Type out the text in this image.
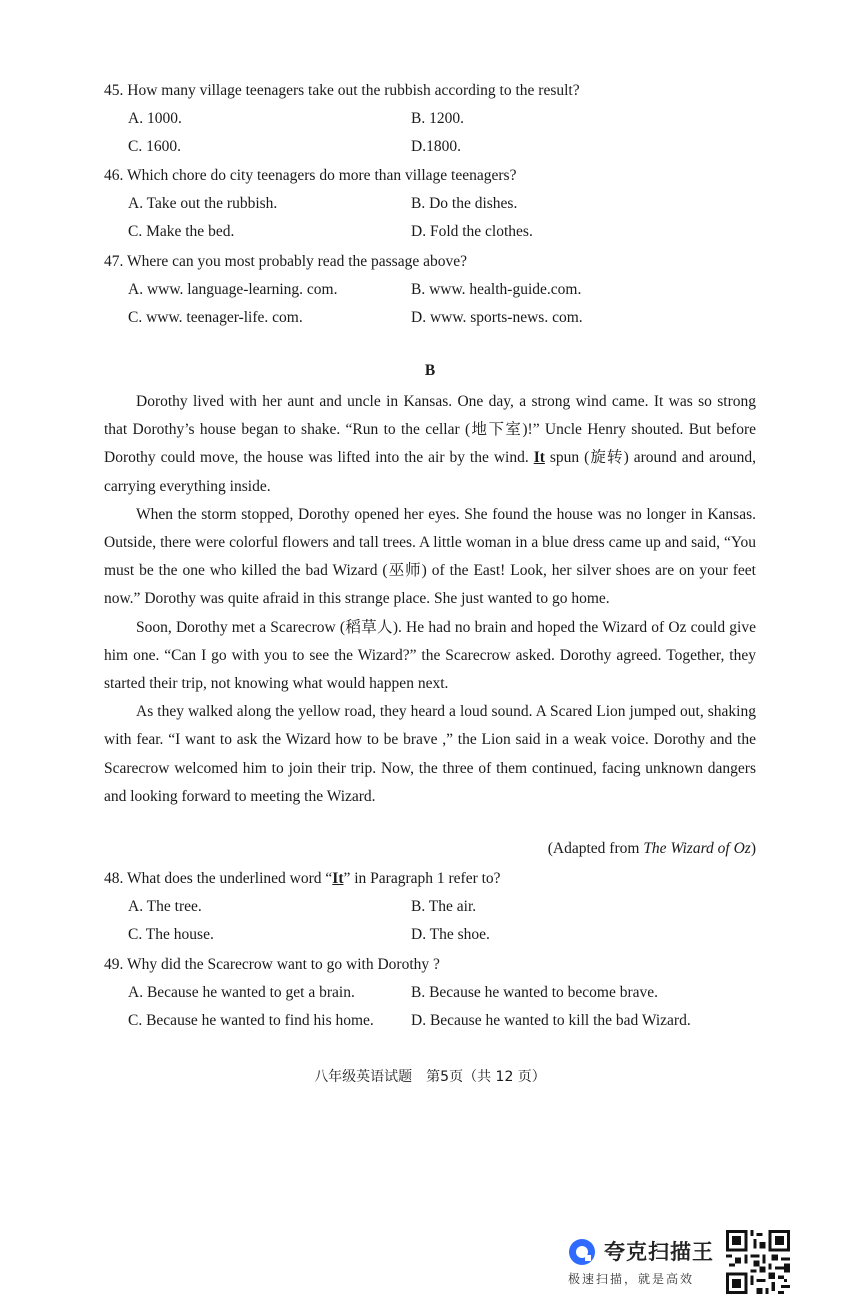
45. How many village teenagers take out the rubbish according to the result?

A. 1000.	B. 1200.
C. 1600.	D.1800.

46. Which chore do city teenagers do more than village teenagers?

A. Take out the rubbish.	B. Do the dishes.
C. Make the bed.	D. Fold the clothes.

47. Where can you most probably read the passage above?

A. www. language-learning. com.	B. www. health-guide.com.
C. www. teenager-life. com.	D. www. sports-news. com.
B

Dorothy lived with her aunt and uncle in Kansas. One day, a strong wind came. It was so strong that Dorothy’s house began to shake. “Run to the cellar (地下室)!” Uncle Henry shouted. But before Dorothy could move, the house was lifted into the air by the wind. It spun (旋转) around and around, carrying everything inside.

When the storm stopped, Dorothy opened her eyes. She found the house was no longer in Kansas. Outside, there were colorful flowers and tall trees. A little woman in a blue dress came up and said, “You must be the one who killed the bad Wizard (巫师) of the East! Look, her silver shoes are on your feet now.” Dorothy was quite afraid in this strange place. She just wanted to go home.

Soon, Dorothy met a Scarecrow (稻草人). He had no brain and hoped the Wizard of Oz could give him one. “Can I go with you to see the Wizard?” the Scarecrow asked. Dorothy agreed. Together, they started their trip, not knowing what would happen next.

As they walked along the yellow road, they heard a loud sound. A Scared Lion jumped out, shaking with fear. “I want to ask the Wizard how to be brave ,” the Lion said in a weak voice. Dorothy and the Scarecrow welcomed him to join their trip. Now, the three of them continued, facing unknown dangers and looking forward to meeting the Wizard.

(Adapted from The Wizard of Oz)

48. What does the underlined word “It” in Paragraph 1 refer to?

A. The tree.	B. The air.
C. The house.	D. The shoe.

49. Why did the Scarecrow want to go with Dorothy ?

A. Because he wanted to get a brain.	B. Because he wanted to become brave.
C. Because he wanted to find his home.	D. Because he wanted to kill the bad Wizard.
八年级英语试题　第5页（共 12 页）
夸克扫描王
极速扫描，就是高效
